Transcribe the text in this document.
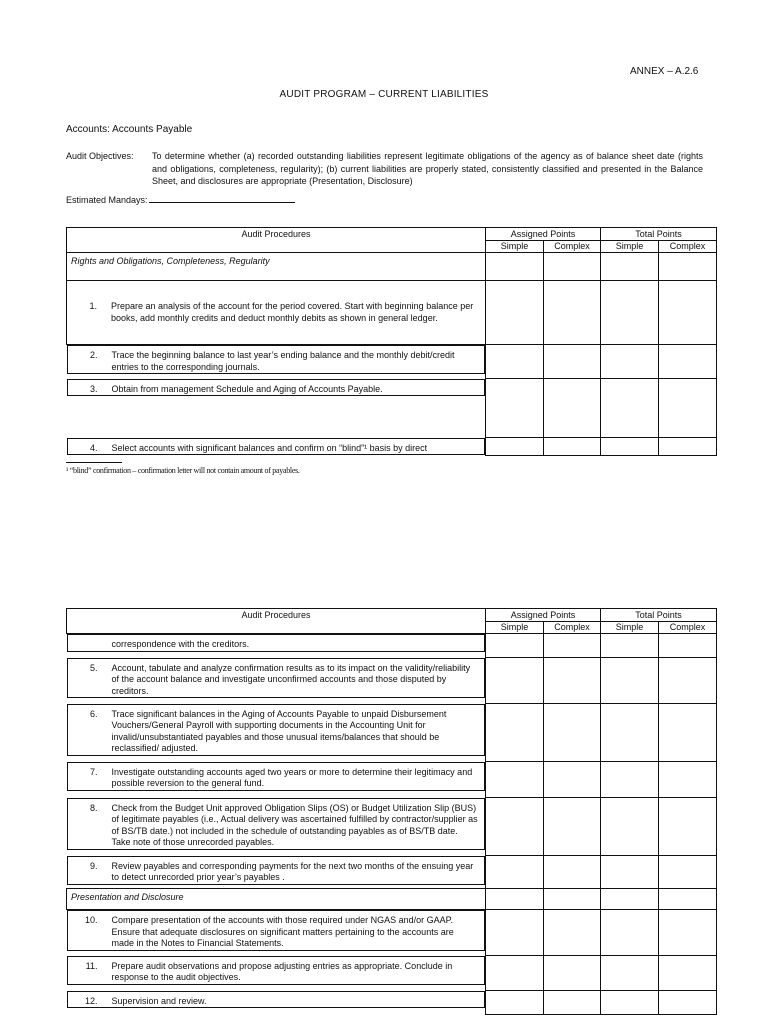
ANNEX – A.2.6
AUDIT PROGRAM – CURRENT LIABILITIES
Accounts: Accounts Payable
Audit Objectives: To determine whether (a) recorded outstanding liabilities represent legitimate obligations of the agency as of balance sheet date (rights and obligations, completeness, regularity); (b) current liabilities are properly stated, consistently classified and presented in the Balance Sheet, and disclosures are appropriate (Presentation, Disclosure)
Estimated Mandays:
Audit Procedures	Assigned Points		Total Points	
	Simple	Complex	Simple	Complex
Rights and Obligations, Completeness, Regularity				

1. Prepare an analysis of the account for the period covered. Start with beginning balance per books, add monthly credits and deduct monthly debits as shown in general ledger.				

2. Trace the beginning balance to last year’s ending balance and the monthly debit/credit entries to the corresponding journals.

3. Obtain from management Schedule and Aging of Accounts Payable.

4. Select accounts with significant balances and confirm on “blind”¹ basis by direct

¹ “blind” confirmation – confirmation letter will not contain amount of payables.
Audit Procedures	Assigned Points		Total Points	
	Simple	Complex	Simple	Complex

correspondence with the creditors.

5. Account, tabulate and analyze confirmation results as to its impact on the validity/reliability of the account balance and investigate unconfirmed accounts and those disputed by creditors.

6. Trace significant balances in the Aging of Accounts Payable to unpaid Disbursement Vouchers/General Payroll with supporting documents in the Accounting Unit for invalid/unsubstantiated payables and those unusual items/balances that should be reclassified/ adjusted.

7. Investigate outstanding accounts aged two years or more to determine their legitimacy and possible reversion to the general fund.

8. Check from the Budget Unit approved Obligation Slips (OS) or Budget Utilization Slip (BUS) of legitimate payables (i.e., Actual delivery was ascertained fulfilled by contractor/supplier as of BS/TB date.) not included in the schedule of outstanding payables as of BS/TB date. Take note of those unrecorded payables.

9. Review payables and corresponding payments for the next two months of the ensuing year to detect unrecorded prior year’s payables .

Presentation and Disclosure				

10. Compare presentation of the accounts with those required under NGAS and/or GAAP. Ensure that adequate disclosures on significant matters pertaining to the accounts are made in the Notes to Financial Statements.

11. Prepare audit observations and propose adjusting entries as appropriate. Conclude in response to the audit objectives.

12. Supervision and review.
